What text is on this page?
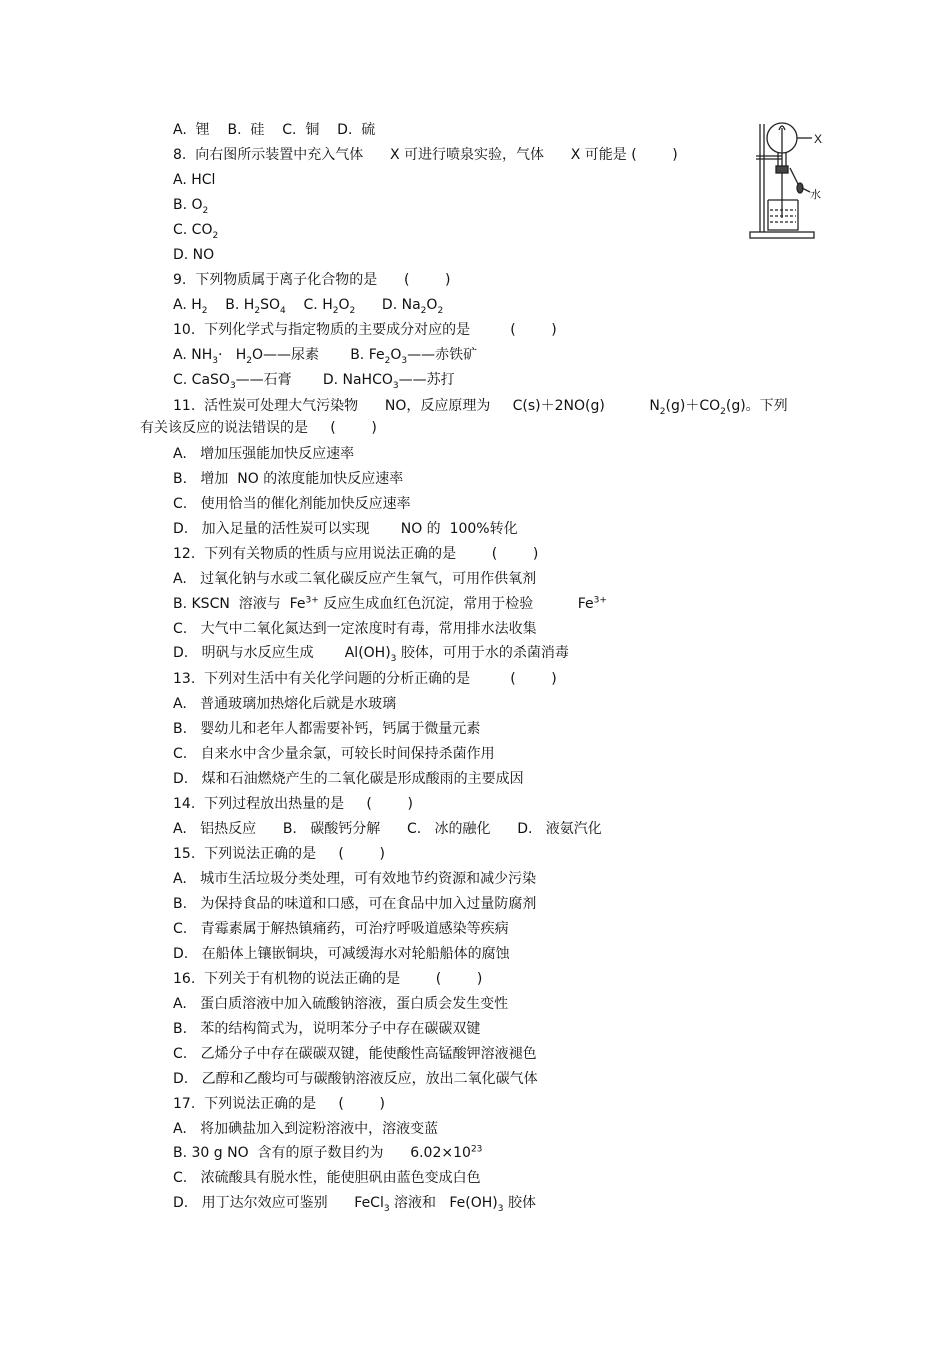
A.  锂    B.  硅    C.  铜    D.  硫
8.  向右图所示装置中充入气体      X 可进行喷泉实验，气体      X 可能是 (        )
A. HCl
B. $O_2$
C. $CO_2$
D. NO
9.  下列物质属于离子化合物的是      (        )
A. $H_2$    B. $H_2SO_4$    C. $H_2O_2$      D. $Na_2O_2$
10.  下列化学式与指定物质的主要成分对应的是         (        )
A. $NH_3\cdot$   $H_2O——$尿素       B. $Fe_2O_3——$赤铁矿
C. CaSO$_3$——石膏       D. NaHCO$_3$——苏打
11.  活性炭可处理大气污染物      NO，反应原理为     C(s)＋2NO(g)          $N_2(g)+CO_2(g)$。下列
有关该反应的说法错误的是     (        )
A.   增加压强能加快反应速率
B.   增加  NO 的浓度能加快反应速率
C.   使用恰当的催化剂能加快反应速率
D.   加入足量的活性炭可以实现       NO 的  100%转化
12.  下列有关物质的性质与应用说法正确的是        (        )
A.   过氧化钠与水或二氧化碳反应产生氧气，可用作供氧剂
B. KSCN  溶液与  $Fe^{3+}$ 反应生成血红色沉淀，常用于检验          $Fe^{3+}$
C.   大气中二氧化氮达到一定浓度时有毒，常用排水法收集
D.   明矾与水反应生成       $Al(OH)_3$ 胶体，可用于水的杀菌消毒
13.  下列对生活中有关化学问题的分析正确的是         (        )
A.   普通玻璃加热熔化后就是水玻璃
B.   婴幼儿和老年人都需要补钙，钙属于微量元素
C.   自来水中含少量余氯，可较长时间保持杀菌作用
D.   煤和石油燃烧产生的二氧化碳是形成酸雨的主要成因
14.  下列过程放出热量的是     (        )
A.   铝热反应      B.   碳酸钙分解      C.   冰的融化      D.   液氨汽化
15.  下列说法正确的是     (        )
A.   城市生活垃圾分类处理，可有效地节约资源和减少污染
B.   为保持食品的味道和口感，可在食品中加入过量防腐剂
C.   青霉素属于解热镇痛药，可治疗呼吸道感染等疾病
D.   在船体上镶嵌铜块，可减缓海水对轮船船体的腐蚀
16.  下列关于有机物的说法正确的是        (        )
A.   蛋白质溶液中加入硫酸钠溶液，蛋白质会发生变性
B.   苯的结构简式为，说明苯分子中存在碳碳双键
C.   乙烯分子中存在碳碳双键，能使酸性高锰酸钾溶液褪色
D.   乙醇和乙酸均可与碳酸钠溶液反应，放出二氧化碳气体
17.  下列说法正确的是     (        )
A.   将加碘盐加入到淀粉溶液中，溶液变蓝
B. 30 g NO  含有的原子数目约为      $6.02\times 10^{23}$
C.   浓硫酸具有脱水性，能使胆矾由蓝色变成白色
D.   用丁达尔效应可鉴别      FeCl$_3$ 溶液和   $Fe(OH)_3$ 胶体
X
水
